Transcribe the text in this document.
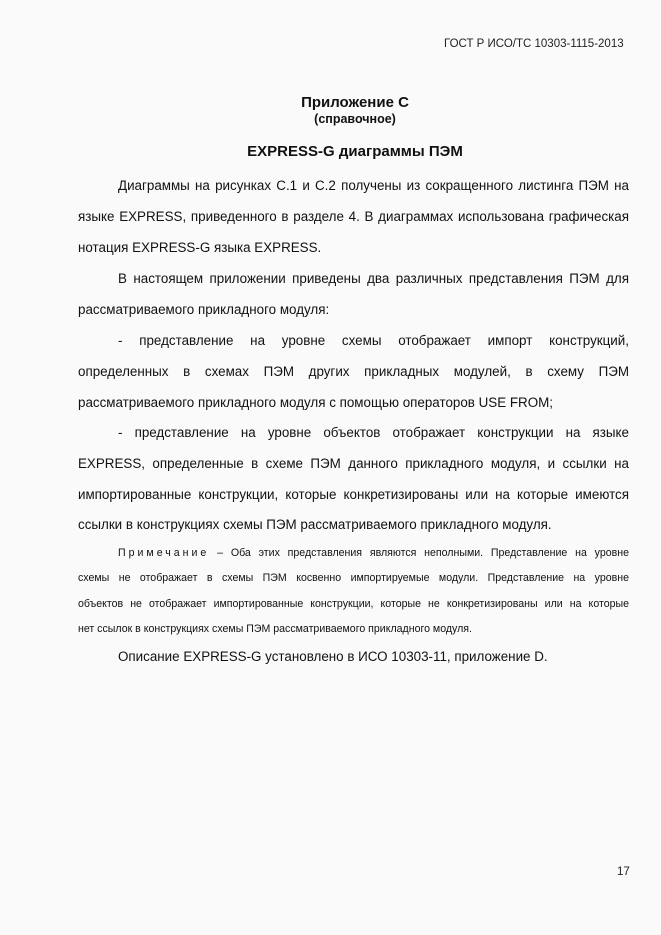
ГОСТ Р ИСО/ТС 10303-1115-2013
Приложение C
(справочное)
EXPRESS-G диаграммы ПЭМ
Диаграммы на рисунках C.1 и C.2 получены из сокращенного листинга ПЭМ на
языке EXPRESS, приведенного в разделе 4. В диаграммах использована графическая
нотация EXPRESS-G языка EXPRESS.
В настоящем приложении приведены два различных представления ПЭМ для
рассматриваемого прикладного модуля:
- представление на уровне схемы отображает импорт конструкций,
определенных в схемах ПЭМ других прикладных модулей, в схему ПЭМ
рассматриваемого прикладного модуля с помощью операторов USE FROM;
- представление на уровне объектов отображает конструкции на языке
EXPRESS, определенные в схеме ПЭМ данного прикладного модуля, и ссылки на
импортированные конструкции, которые конкретизированы или на которые имеются
ссылки в конструкциях схемы ПЭМ рассматриваемого прикладного модуля.
Примечание – Оба этих представления являются неполными. Представление на уровне
схемы не отображает в схемы ПЭМ косвенно импортируемые модули. Представление на уровне
объектов не отображает импортированные конструкции, которые не конкретизированы или на которые
нет ссылок в конструкциях схемы ПЭМ рассматриваемого прикладного модуля.
Описание EXPRESS-G установлено в ИСО 10303-11, приложение D.
17
